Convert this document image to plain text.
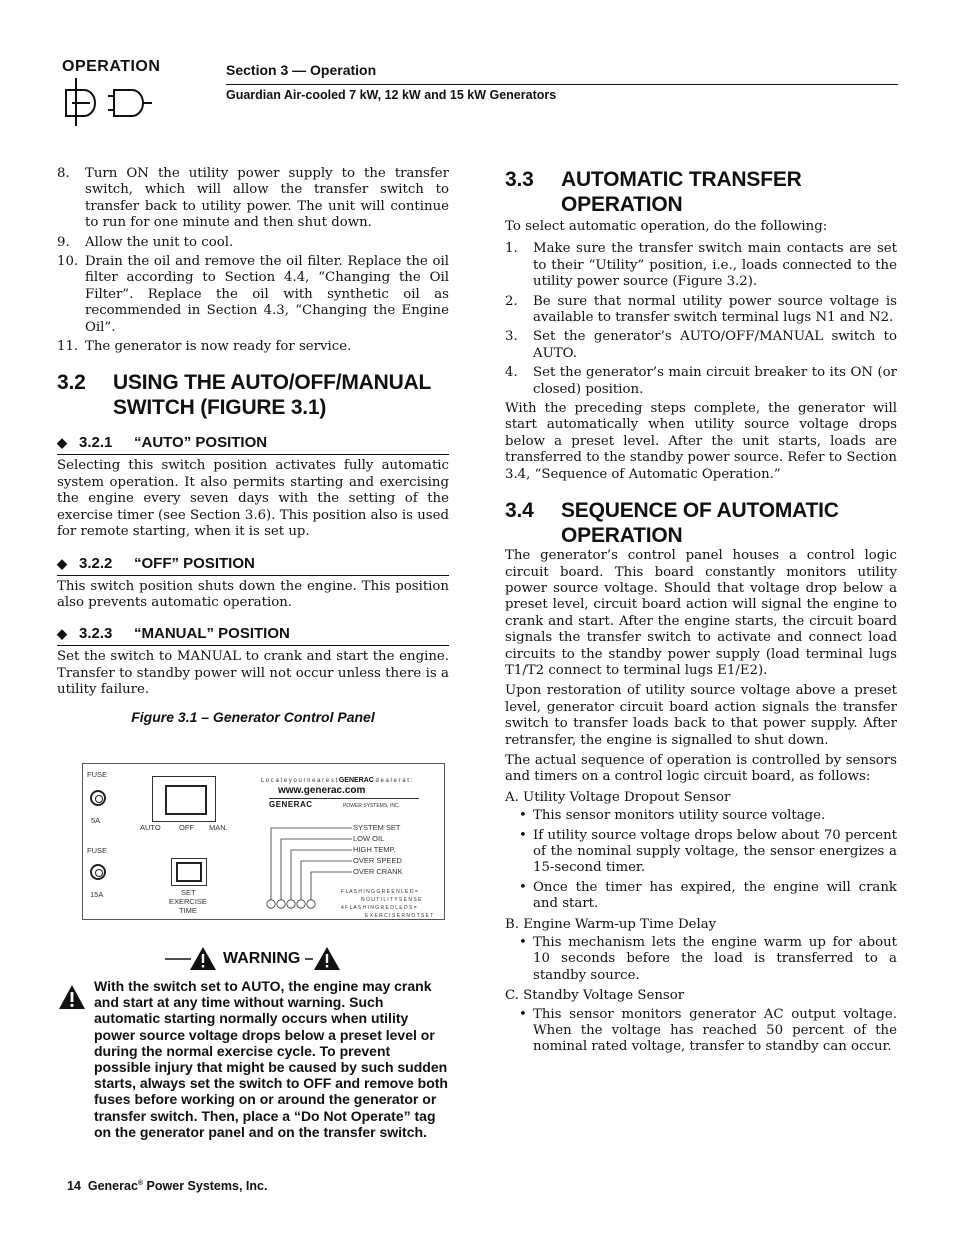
OPERATION	Section 3 — Operation
Guardian Air-cooled 7 kW, 12 kW and 15 kW Generators
8. Turn ON the utility power supply to the transfer switch, which will allow the transfer switch to transfer back to utility power. The unit will continue to run for one minute and then shut down.
9. Allow the unit to cool.
10. Drain the oil and remove the oil filter. Replace the oil filter according to Section 4.4, “Changing the Oil Filter”. Replace the oil with synthetic oil as recommended in Section 4.3, “Changing the Engine Oil”.
11. The generator is now ready for service.
3.2 USING THE AUTO/OFF/MANUAL SWITCH (FIGURE 3.1)
◆ 3.2.1 “AUTO” POSITION

Selecting this switch position activates fully automatic system operation. It also permits starting and exercising the engine every seven days with the setting of the exercise timer (see Section 3.6). This position also is used for remote starting, when it is set up.

◆ 3.2.2 “OFF” POSITION

This switch position shuts down the engine. This position also prevents automatic operation.

◆ 3.2.3 “MANUAL” POSITION

Set the switch to MANUAL to crank and start the engine. Transfer to standby power will not occur unless there is a utility failure.

Figure 3.1 – Generator Control Panel
FUSE
5A
FUSE
15A
AUTO OFF MAN.
SET
EXERCISE
TIME
L o c a t e y o u r n e a r e s t GENERAC d e a l e r a t :
www.generac.com
GENERAC	POWER SYSTEMS, INC.
SYSTEM SET
LOW OIL
HIGH TEMP.
OVER SPEED
OVER CRANK
F L A S H I N G G R E E N L E D =
N O U T I L I T Y S E N S E
4 F L A S H I N G R E D L E D S =
E X E R C I S E R N O T S E T
WARNING
With the switch set to AUTO, the engine may crank and start at any time without warning. Such automatic starting normally occurs when utility power source voltage drops below a preset level or during the normal exercise cycle. To prevent possible injury that might be caused by such sudden starts, always set the switch to OFF and remove both fuses before working on or around the generator or transfer switch. Then, place a “Do Not Operate” tag on the generator panel and on the transfer switch.
3.3 AUTOMATIC TRANSFER OPERATION

To select automatic operation, do the following:

1. Make sure the transfer switch main contacts are set to their “Utility” position, i.e., loads connected to the utility power source (Figure 3.2).
2. Be sure that normal utility power source voltage is available to transfer switch terminal lugs N1 and N2.
3. Set the generator’s AUTO/OFF/MANUAL switch to AUTO.
4. Set the generator’s main circuit breaker to its ON (or closed) position.

With the preceding steps complete, the generator will start automatically when utility source voltage drops below a preset level. After the unit starts, loads are transferred to the standby power source. Refer to Section 3.4, “Sequence of Automatic Operation.”

3.4 SEQUENCE OF AUTOMATIC OPERATION

The generator’s control panel houses a control logic circuit board. This board constantly monitors utility power source voltage. Should that voltage drop below a preset level, circuit board action will signal the engine to crank and start. After the engine starts, the circuit board signals the transfer switch to activate and connect load circuits to the standby power supply (load terminal lugs T1/T2 connect to terminal lugs E1/E2).

Upon restoration of utility source voltage above a preset level, generator circuit board action signals the transfer switch to transfer loads back to that power supply. After retransfer, the engine is signalled to shut down.

The actual sequence of operation is controlled by sensors and timers on a control logic circuit board, as follows:

A. Utility Voltage Dropout Sensor
• This sensor monitors utility source voltage.
• If utility source voltage drops below about 70 percent of the nominal supply voltage, the sensor energizes a 15-second timer.
• Once the timer has expired, the engine will crank and start.
B. Engine Warm-up Time Delay
• This mechanism lets the engine warm up for about 10 seconds before the load is transferred to a standby source.
C. Standby Voltage Sensor
• This sensor monitors generator AC output voltage. When the voltage has reached 50 percent of the nominal rated voltage, transfer to standby can occur.
14 Generac® Power Systems, Inc.
